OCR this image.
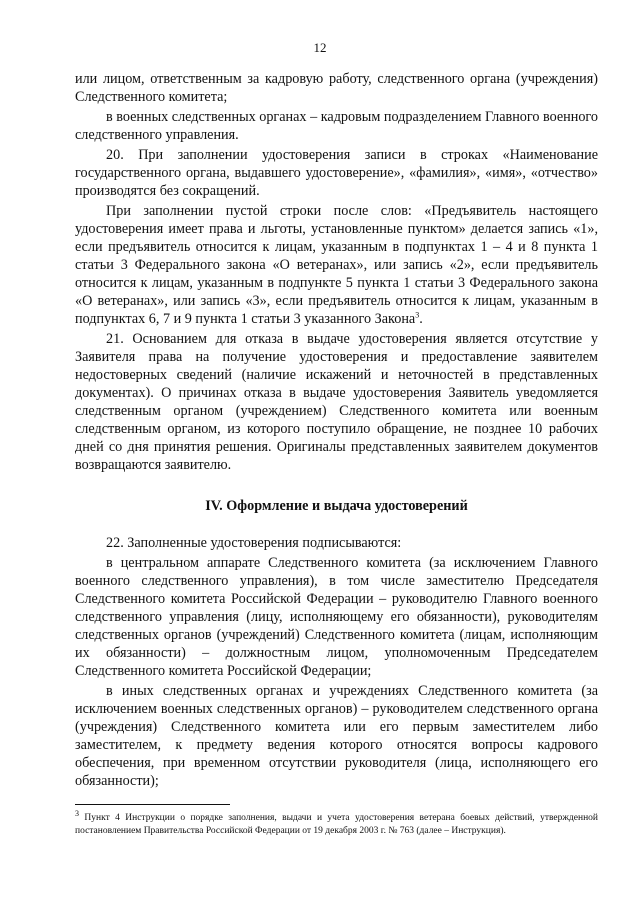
12

или лицом, ответственным за кадровую работу, следственного органа (учреждения) Следственного комитета;

в военных следственных органах – кадровым подразделением Главного военного следственного управления.

20. При заполнении удостоверения записи в строках «Наименование государственного органа, выдавшего удостоверение», «фамилия», «имя», «отчество» производятся без сокращений.

При заполнении пустой строки после слов: «Предъявитель настоящего удостоверения имеет права и льготы, установленные пунктом» делается запись «1», если предъявитель относится к лицам, указанным в подпунктах 1 – 4 и 8 пункта 1 статьи 3 Федерального закона «О ветеранах», или запись «2», если предъявитель относится к лицам, указанным в подпункте 5 пункта 1 статьи 3 Федерального закона «О ветеранах», или запись «3», если предъявитель относится к лицам, указанным в подпунктах 6, 7 и 9 пункта 1 статьи 3 указанного Закона$^3$.

21. Основанием для отказа в выдаче удостоверения является отсутствие у Заявителя права на получение удостоверения и предоставление заявителем недостоверных сведений (наличие искажений и неточностей в представленных документах). О причинах отказа в выдаче удостоверения Заявитель уведомляется следственным органом (учреждением) Следственного комитета или военным следственным органом, из которого поступило обращение, не позднее 10 рабочих дней со дня принятия решения. Оригиналы представленных заявителем документов возвращаются заявителю.

IV. Оформление и выдача удостоверений

22. Заполненные удостоверения подписываются:

в центральном аппарате Следственного комитета (за исключением Главного военного следственного управления), в том числе заместителю Председателя Следственного комитета Российской Федерации – руководителю Главного военного следственного управления (лицу, исполняющему его обязанности), руководителям следственных органов (учреждений) Следственного комитета (лицам, исполняющим их обязанности) – должностным лицом, уполномоченным Председателем Следственного комитета Российской Федерации;

в иных следственных органах и учреждениях Следственного комитета (за исключением военных следственных органов) – руководителем следственного органа (учреждения) Следственного комитета или его первым заместителем либо заместителем, к предмету ведения которого относятся вопросы кадрового обеспечения, при временном отсутствии руководителя (лица, исполняющего его обязанности);

$^3$ Пункт 4 Инструкции о порядке заполнения, выдачи и учета удостоверения ветерана боевых действий, утвержденной постановлением Правительства Российской Федерации от 19 декабря 2003 г. № 763 (далее – Инструкция).
